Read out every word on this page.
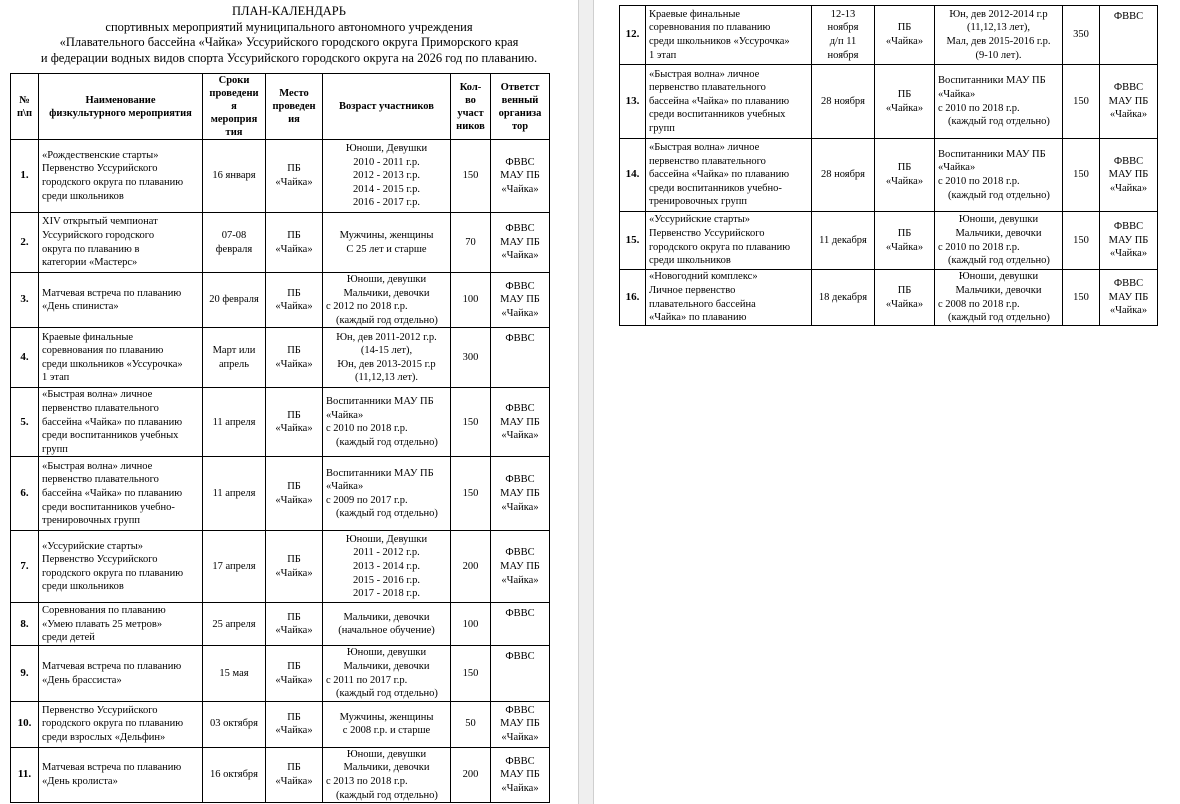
ПЛАН-КАЛЕНДАРЬ
спортивных мероприятий муниципального автономного учреждения
«Плавательного бассейна «Чайка» Уссурийского городского округа Приморского края
и федерации водных видов спорта Уссурийского городского округа на 2026 год по плаванию.
№
п\п	Наименование
физкультурного мероприятия	Сроки
проведени
я
мероприя
тия	Место
проведен
ия	Возраст участников	Кол-
во
участ
ников	Ответст
венный
организа
тор

1.	«Рождественские старты»
Первенство Уссурийского
городского округа по плаванию
среди школьников	16 января	ПБ
«Чайка»	Юноши, Девушки
2010 - 2011 г.р.
2012 - 2013 г.р.
2014 - 2015 г.р.
2016 - 2017 г.р.	150	ФВВС
МАУ ПБ
«Чайка»

2.	XIV открытый чемпионат
Уссурийского городского
округа по плаванию в
категории «Мастерс»	07-08
февраля	ПБ
«Чайка»	Мужчины, женщины
С 25 лет и старше	70	ФВВС
МАУ ПБ
«Чайка»

3.	Матчевая встреча по плаванию
«День спиниста»	20 февраля	ПБ
«Чайка»	Юноши, девушки
Мальчики, девочки
с 2012 по 2018 г.р.
(каждый год отдельно)	100	ФВВС
МАУ ПБ
«Чайка»

4.	Краевые финальные
соревнования по плаванию
среди школьников «Уссурочка»
1 этап	Март или
апрель	ПБ
«Чайка»	Юн, дев 2011-2012 г.р.
(14-15 лет),
Юн, дев 2013-2015 г.р
(11,12,13 лет).	300	ФВВС

5.	«Быстрая волна» личное
первенство плавательного
бассейна «Чайка» по плаванию
среди воспитанников учебных
групп	11 апреля	ПБ
«Чайка»	Воспитанники МАУ ПБ
«Чайка»
с 2010 по 2018 г.р.
(каждый год отдельно)	150	ФВВС
МАУ ПБ
«Чайка»

6.	«Быстрая волна» личное
первенство плавательного
бассейна «Чайка» по плаванию
среди воспитанников учебно-
тренировочных групп	11 апреля	ПБ
«Чайка»	Воспитанники МАУ ПБ
«Чайка»
с 2009 по 2017 г.р.
(каждый год отдельно)	150	ФВВС
МАУ ПБ
«Чайка»

7.	«Уссурийские старты»
Первенство Уссурийского
городского округа по плаванию
среди школьников	17 апреля	ПБ
«Чайка»	Юноши, Девушки
2011 - 2012 г.р.
2013 - 2014 г.р.
2015 - 2016 г.р.
2017 - 2018 г.р.	200	ФВВС
МАУ ПБ
«Чайка»

8.	Соревнования по плаванию
«Умею плавать 25 метров»
среди детей	25 апреля	ПБ
«Чайка»	Мальчики, девочки
(начальное обучение)	100	ФВВС

9.	Матчевая встреча по плаванию
«День брассиста»	15 мая	ПБ
«Чайка»	Юноши, девушки
Мальчики, девочки
с 2011 по 2017 г.р.
(каждый год отдельно)	150	ФВВС

10.	Первенство Уссурийского
городского округа по плаванию
среди взрослых «Дельфин»	03 октября	ПБ
«Чайка»	Мужчины, женщины
с 2008 г.р. и старше	50	ФВВС
МАУ ПБ
«Чайка»

11.	Матчевая встреча по плаванию
«День кролиста»	16 октября	ПБ
«Чайка»	Юноши, девушки
Мальчики, девочки
с 2013 по 2018 г.р.
(каждый год отдельно)	200	ФВВС
МАУ ПБ
«Чайка»
12.	Краевые финальные
соревнования по плаванию
среди школьников «Уссурочка»
1 этап	12-13
ноября
д/п 11
ноября	ПБ
«Чайка»	Юн, дев 2012-2014 г.р
(11,12,13 лет),
Мал, дев 2015-2016 г.р.
(9-10 лет).	350	ФВВС

13.	«Быстрая волна» личное
первенство плавательного
бассейна «Чайка» по плаванию
среди воспитанников учебных
групп	28 ноября	ПБ
«Чайка»	Воспитанники МАУ ПБ
«Чайка»
с 2010 по 2018 г.р.
(каждый год отдельно)	150	ФВВС
МАУ ПБ
«Чайка»

14.	«Быстрая волна» личное
первенство плавательного
бассейна «Чайка» по плаванию
среди воспитанников учебно-
тренировочных групп	28 ноября	ПБ
«Чайка»	Воспитанники МАУ ПБ
«Чайка»
с 2010 по 2018 г.р.
(каждый год отдельно)	150	ФВВС
МАУ ПБ
«Чайка»

15.	«Уссурийские старты»
Первенство Уссурийского
городского округа по плаванию
среди школьников	11 декабря	ПБ
«Чайка»	Юноши, девушки
Мальчики, девочки
с 2010 по 2018 г.р.
(каждый год отдельно)	150	ФВВС
МАУ ПБ
«Чайка»

16.	«Новогодний комплекс»
Личное первенство
плавательного бассейна
«Чайка» по плаванию	18 декабря	ПБ
«Чайка»	Юноши, девушки
Мальчики, девочки
с 2008 по 2018 г.р.
(каждый год отдельно)	150	ФВВС
МАУ ПБ
«Чайка»
